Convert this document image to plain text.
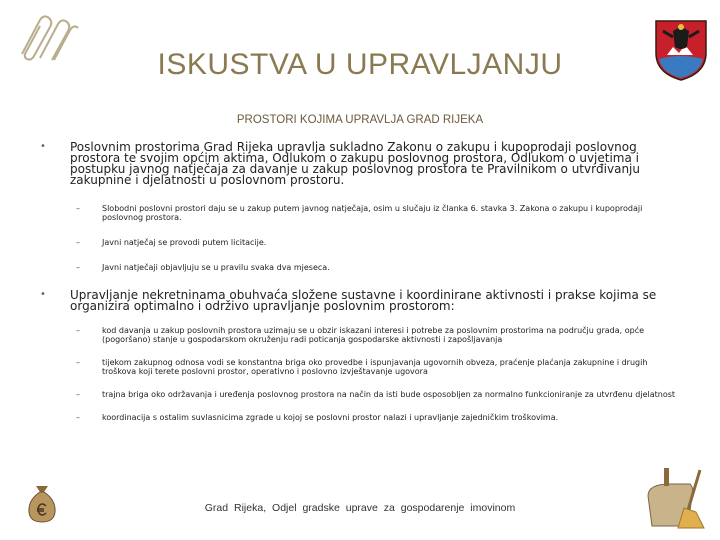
ISKUSTVA U UPRAVLJANJU
PROSTORI KOJIMA UPRAVLJA GRAD RIJEKA

• Poslovnim prostorima Grad Rijeka upravlja sukladno Zakonu o zakupu i kupoprodaji poslovnog prostora te svojim općim aktima, Odlukom o zakupu poslovnog prostora, Odlukom o uvjetima i postupku javnog natječaja za davanje u zakup poslovnog prostora te Pravilnikom o utvrđivanju zakupnine i djelatnosti u poslovnom prostoru.

–	Slobodni poslovni prostori daju se u zakup putem javnog natječaja, osim u slučaju iz članka 6. stavka 3. Zakona o zakupu i kupoprodaji poslovnog prostora.

–	Javni natječaj se provodi putem licitacije.

–	Javni natječaji objavljuju se u pravilu svaka dva mjeseca.

• Upravljanje nekretninama obuhvaća složene sustavne i koordinirane aktivnosti i prakse kojima se organizira optimalno i održivo upravljanje poslovnim prostorom:

–	kod davanja u zakup poslovnih prostora uzimaju se u obzir iskazani interesi i potrebe za poslovnim prostorima na području grada, opće (pogoršano) stanje u gospodarskom okruženju radi poticanja gospodarske aktivnosti i zapošljavanja

–	tijekom zakupnog odnosa vodi se konstantna briga oko provedbe i ispunjavanja ugovornih obveza, praćenje plaćanja zakupnine i drugih troškova koji terete poslovni prostor, operativno i poslovno izvještavanje ugovora

–	trajna briga oko održavanja i uređenja poslovnog prostora na način da isti bude osposobljen za normalno funkcioniranje za utvrđenu djelatnost

–	koordinacija s ostalim suvlasnicima zgrade u kojoj se poslovni prostor nalazi i upravljanje zajedničkim troškovima.

Grad Rijeka, Odjel gradske uprave za gospodarenje imovinom
